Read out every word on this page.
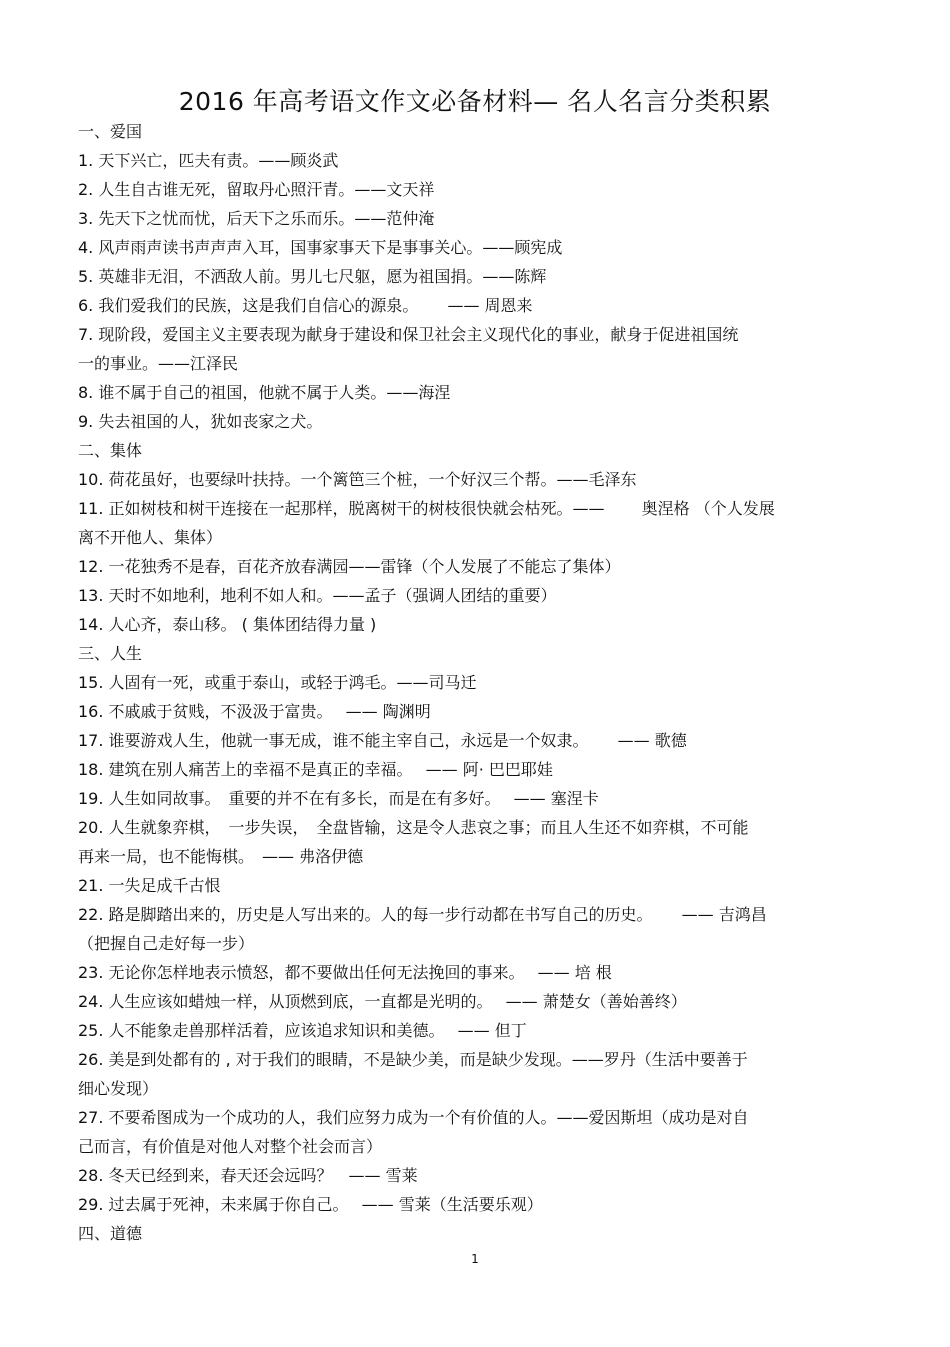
2016 年高考语文作文必备材料— 名人名言分类积累
一、爱国
1. 天下兴亡，匹夫有责。——顾炎武
2. 人生自古谁无死，留取丹心照汗青。——文天祥
3. 先天下之忧而忧，后天下之乐而乐。——范仲淹
4. 风声雨声读书声声声入耳，国事家事天下是事事关心。——顾宪成
5. 英雄非无泪，不洒敌人前。男儿七尺躯，愿为祖国捐。——陈辉
6. 我们爱我们的民族，这是我们自信心的源泉。　　 —— 周恩来
7. 现阶段，爱国主义主要表现为献身于建设和保卫社会主义现代化的事业，献身于促进祖国统
一的事业。——江泽民
8. 谁不属于自己的祖国，他就不属于人类。——海涅
9. 失去祖国的人，犹如丧家之犬。
二、集体
10. 荷花虽好，也要绿叶扶持。一个篱笆三个桩，一个好汉三个帮。——毛泽东
11. 正如树枝和树干连接在一起那样，脱离树干的树枝很快就会枯死。——　　 奥涅格 （个人发展
离不开他人、集体）
12. 一花独秀不是春，百花齐放春满园——雷锋（个人发展了不能忘了集体）
13. 天时不如地利，地利不如人和。——孟子（强调人团结的重要）
14. 人心齐，泰山移。 ( 集体团结得力量 )
三、人生
15. 人固有一死，或重于泰山，或轻于鸿毛。——司马迁
16. 不戚戚于贫贱，不汲汲于富贵。　 —— 陶渊明
17. 谁要游戏人生，他就一事无成，谁不能主宰自己，永远是一个奴隶。　　 —— 歌德
18. 建筑在别人痛苦上的幸福不是真正的幸福。　 —— 阿· 巴巴耶娃
19. 人生如同故事。　重要的并不在有多长，而是在有多好。　 —— 塞涅卡
20. 人生就象弈棋，　一步失误，　全盘皆输，这是令人悲哀之事；而且人生还不如弈棋，不可能
再来一局，也不能悔棋。　—— 弗洛伊德
21. 一失足成千古恨
22. 路是脚踏出来的，历史是人写出来的。人的每一步行动都在书写自己的历史。　　 —— 吉鸿昌
（把握自己走好每一步）
23. 无论你怎样地表示愤怒，都不要做出任何无法挽回的事来。　 —— 培 根
24. 人生应该如蜡烛一样，从顶燃到底，一直都是光明的。　 —— 萧楚女（善始善终）
25. 人不能象走兽那样活着，应该追求知识和美德。　 —— 但丁
26. 美是到处都有的 , 对于我们的眼睛，不是缺少美，而是缺少发现。——罗丹（生活中要善于
细心发现）
27. 不要希图成为一个成功的人，我们应努力成为一个有价值的人。——爱因斯坦（成功是对自
己而言，有价值是对他人对整个社会而言）
28. 冬天已经到来，春天还会远吗？　—— 雪莱
29. 过去属于死神，未来属于你自己。　 —— 雪莱（生活要乐观）
四、道德
1
